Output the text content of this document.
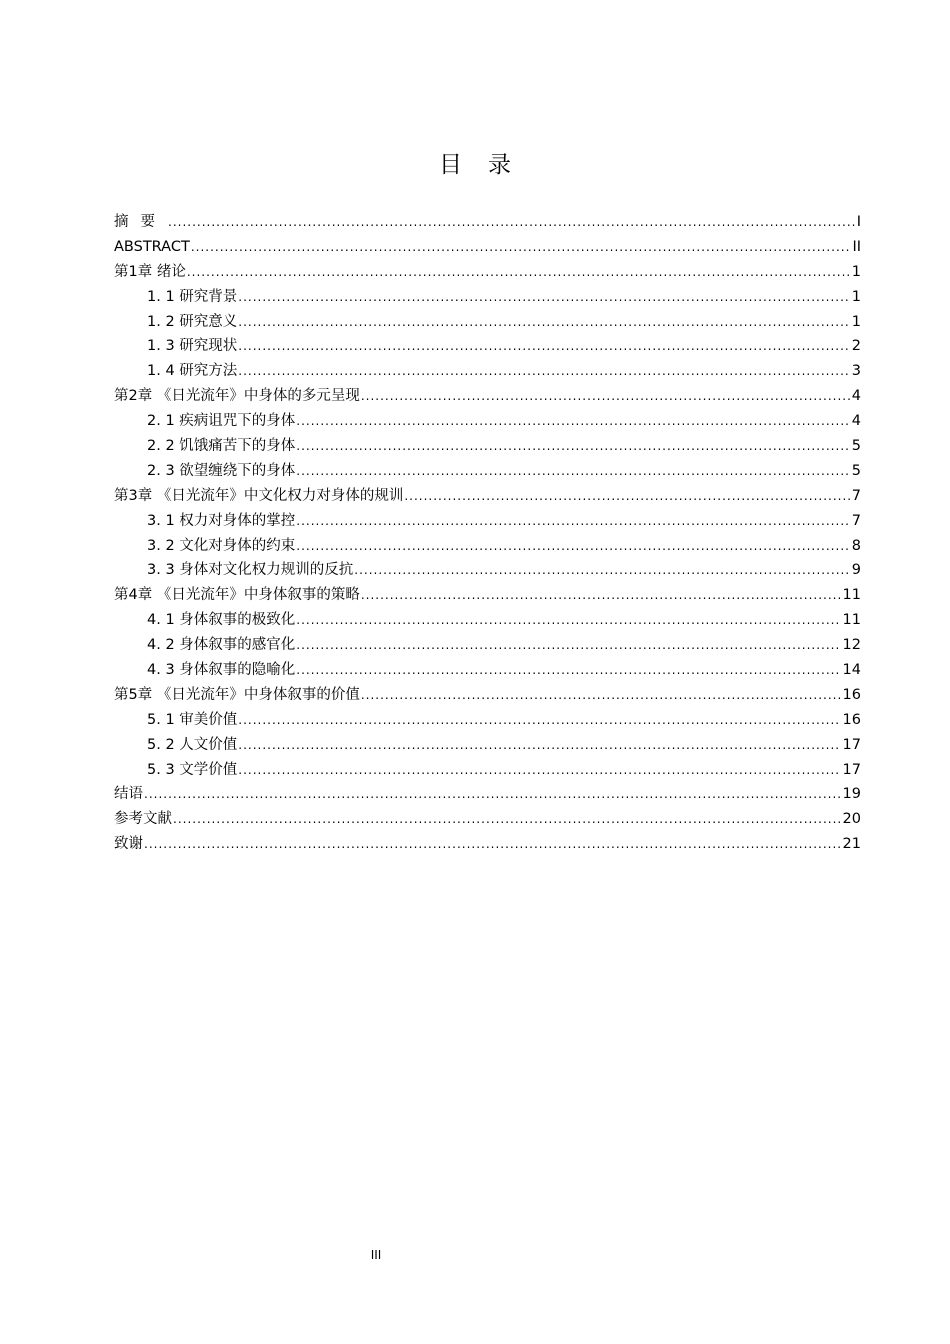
目录
摘要 .....	I
ABSTRACT .....	II
第1章 绪论 .....	1
1. 1 研究背景 .....	1
1. 2 研究意义 .....	1
1. 3 研究现状 .....	2
1. 4 研究方法 .....	3
第2章 《日光流年》中身体的多元呈现 .....	4
2. 1 疾病诅咒下的身体 .....	4
2. 2 饥饿痛苦下的身体 .....	5
2. 3 欲望缠绕下的身体 .....	5
第3章 《日光流年》中文化权力对身体的规训 .....	7
3. 1 权力对身体的掌控 .....	7
3. 2 文化对身体的约束 .....	8
3. 3 身体对文化权力规训的反抗 .....	9
第4章 《日光流年》中身体叙事的策略 .....	11
4. 1 身体叙事的极致化 .....	11
4. 2 身体叙事的感官化 .....	12
4. 3 身体叙事的隐喻化 .....	14
第5章 《日光流年》中身体叙事的价值 .....	16
5. 1 审美价值 .....	16
5. 2 人文价值 .....	17
5. 3 文学价值 .....	17
结语 .....	19
参考文献 .....	20
致谢 .....	21
III
